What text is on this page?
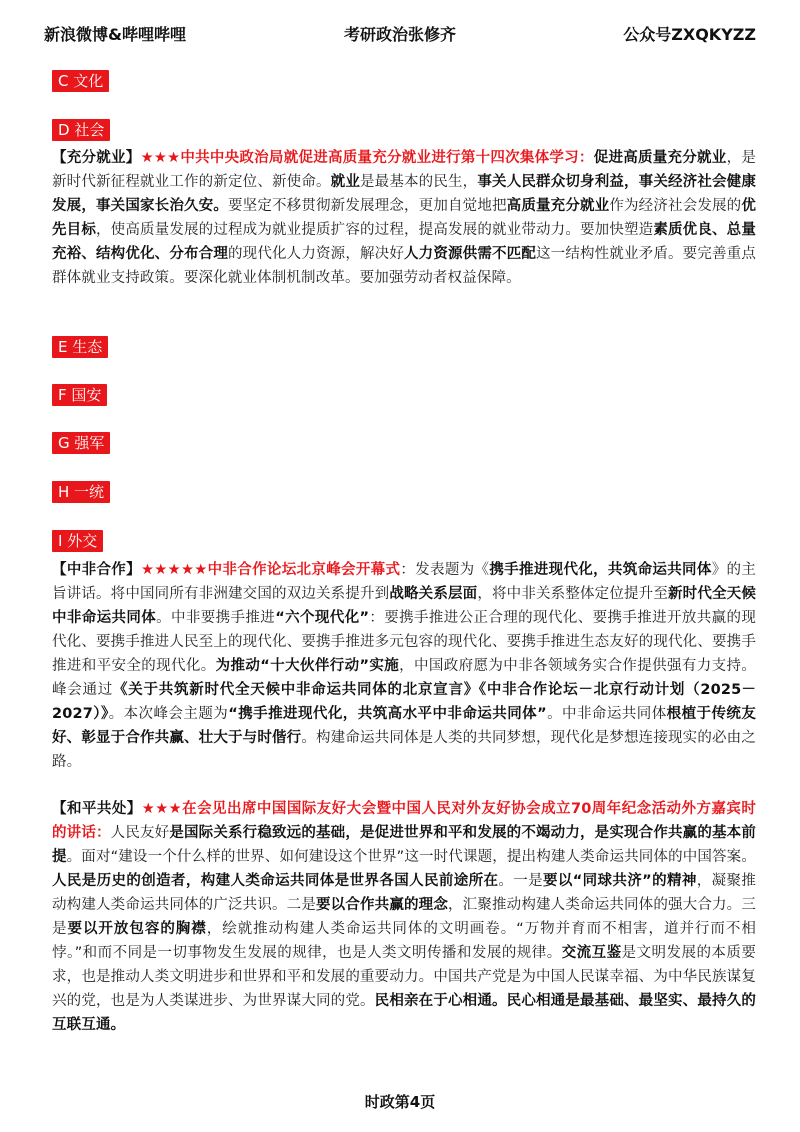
新浪微博&哔哩哔哩	考研政治张修齐	公众号ZXQKYZZ
C 文化
D 社会
【充分就业】★★★中共中央政治局就促进高质量充分就业进行第十四次集体学习：促进高质量充分就业，是新时代新征程就业工作的新定位、新使命。就业是最基本的民生，事关人民群众切身利益，事关经济社会健康发展，事关国家长治久安。要坚定不移贯彻新发展理念，更加自觉地把高质量充分就业作为经济社会发展的优先目标，使高质量发展的过程成为就业提质扩容的过程，提高发展的就业带动力。要加快塑造素质优良、总量充裕、结构优化、分布合理的现代化人力资源，解决好人力资源供需不匹配这一结构性就业矛盾。要完善重点群体就业支持政策。要深化就业体制机制改革。要加强劳动者权益保障。
E 生态
F 国安
G 强军
H 一统
I 外交
【中非合作】★★★★★中非合作论坛北京峰会开幕式：发表题为《携手推进现代化，共筑命运共同体》的主旨讲话。将中国同所有非洲建交国的双边关系提升到战略关系层面，将中非关系整体定位提升至新时代全天候中非命运共同体。中非要携手推进“六个现代化”：要携手推进公正合理的现代化、要携手推进开放共赢的现代化、要携手推进人民至上的现代化、要携手推进多元包容的现代化、要携手推进生态友好的现代化、要携手推进和平安全的现代化。为推动“十大伙伴行动”实施，中国政府愿为中非各领域务实合作提供强有力支持。峰会通过《关于共筑新时代全天候中非命运共同体的北京宣言》《中非合作论坛－北京行动计划（2025－2027）》。本次峰会主题为“携手推进现代化，共筑高水平中非命运共同体”。中非命运共同体根植于传统友好、彰显于合作共赢、壮大于与时偕行。构建命运共同体是人类的共同梦想，现代化是梦想连接现实的必由之路。
【和平共处】★★★在会见出席中国国际友好大会暨中国人民对外友好协会成立70周年纪念活动外方嘉宾时的讲话：人民友好是国际关系行稳致远的基础，是促进世界和平和发展的不竭动力，是实现合作共赢的基本前提。面对“建设一个什么样的世界、如何建设这个世界”这一时代课题，提出构建人类命运共同体的中国答案。人民是历史的创造者，构建人类命运共同体是世界各国人民前途所在。一是要以“同球共济”的精神，凝聚推动构建人类命运共同体的广泛共识。二是要以合作共赢的理念，汇聚推动构建人类命运共同体的强大合力。三是要以开放包容的胸襟，绘就推动构建人类命运共同体的文明画卷。“万物并育而不相害，道并行而不相悖。”和而不同是一切事物发生发展的规律，也是人类文明传播和发展的规律。交流互鉴是文明发展的本质要求，也是推动人类文明进步和世界和平和发展的重要动力。中国共产党是为中国人民谋幸福、为中华民族谋复兴的党，也是为人类谋进步、为世界谋大同的党。民相亲在于心相通。民心相通是最基础、最坚实、最持久的互联互通。
时政第4页
